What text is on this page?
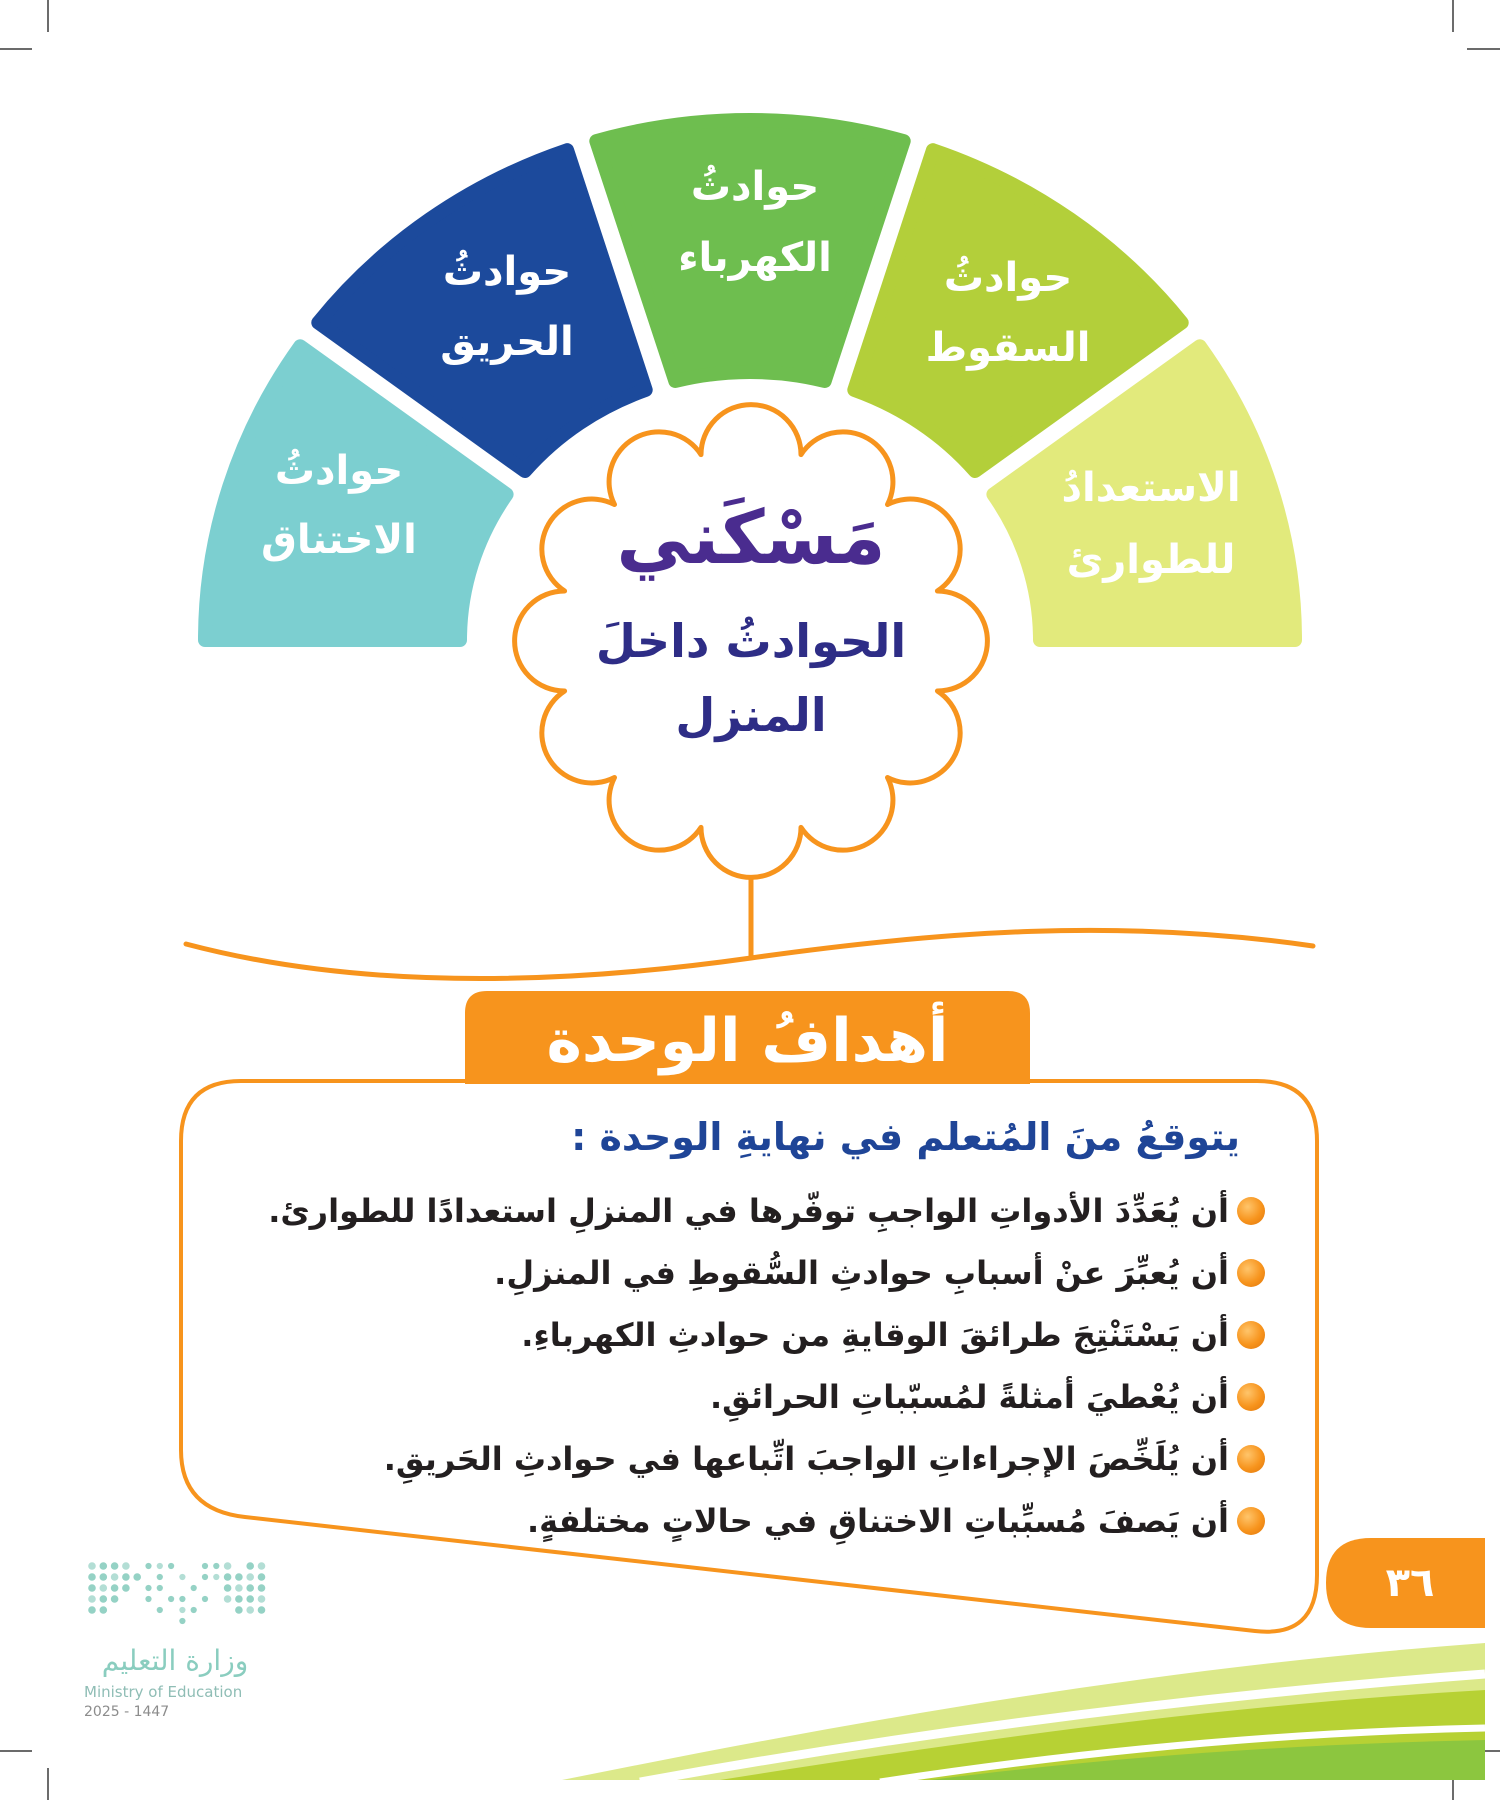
حوادثُ
الاختناق
حوادثُ
الحريق
حوادثُ
الكهرباء	حوادثُ
السقوط
الاستعدادُ
للطوارئ
مَسْكَني
الحوادثُ داخلَ
المنزل
أهدافُ الوحدة
يتوقعُ منَ المُتعلم في نهايةِ الوحدة :
أن يُعَدِّدَ الأدواتِ الواجبِ توفّرها في المنزلِ استعدادًا للطوارئ.
أن يُعبِّرَ عنْ أسبابِ حوادثِ السُّقوطِ في المنزلِ.
أن يَسْتَنْتِجَ طرائقَ الوقايةِ من حوادثِ الكهرباءِ.
أن يُعْطيَ أمثلةً لمُسبّباتِ الحرائقِ.
أن يُلَخِّصَ الإجراءاتِ الواجبَ اتِّباعها في حوادثِ الحَريقِ.
أن يَصفَ مُسبِّباتِ الاختناقِ في حالاتٍ مختلفةٍ.
٣٦
وزارة التعليم
Ministry of Education
2025 - 1447
